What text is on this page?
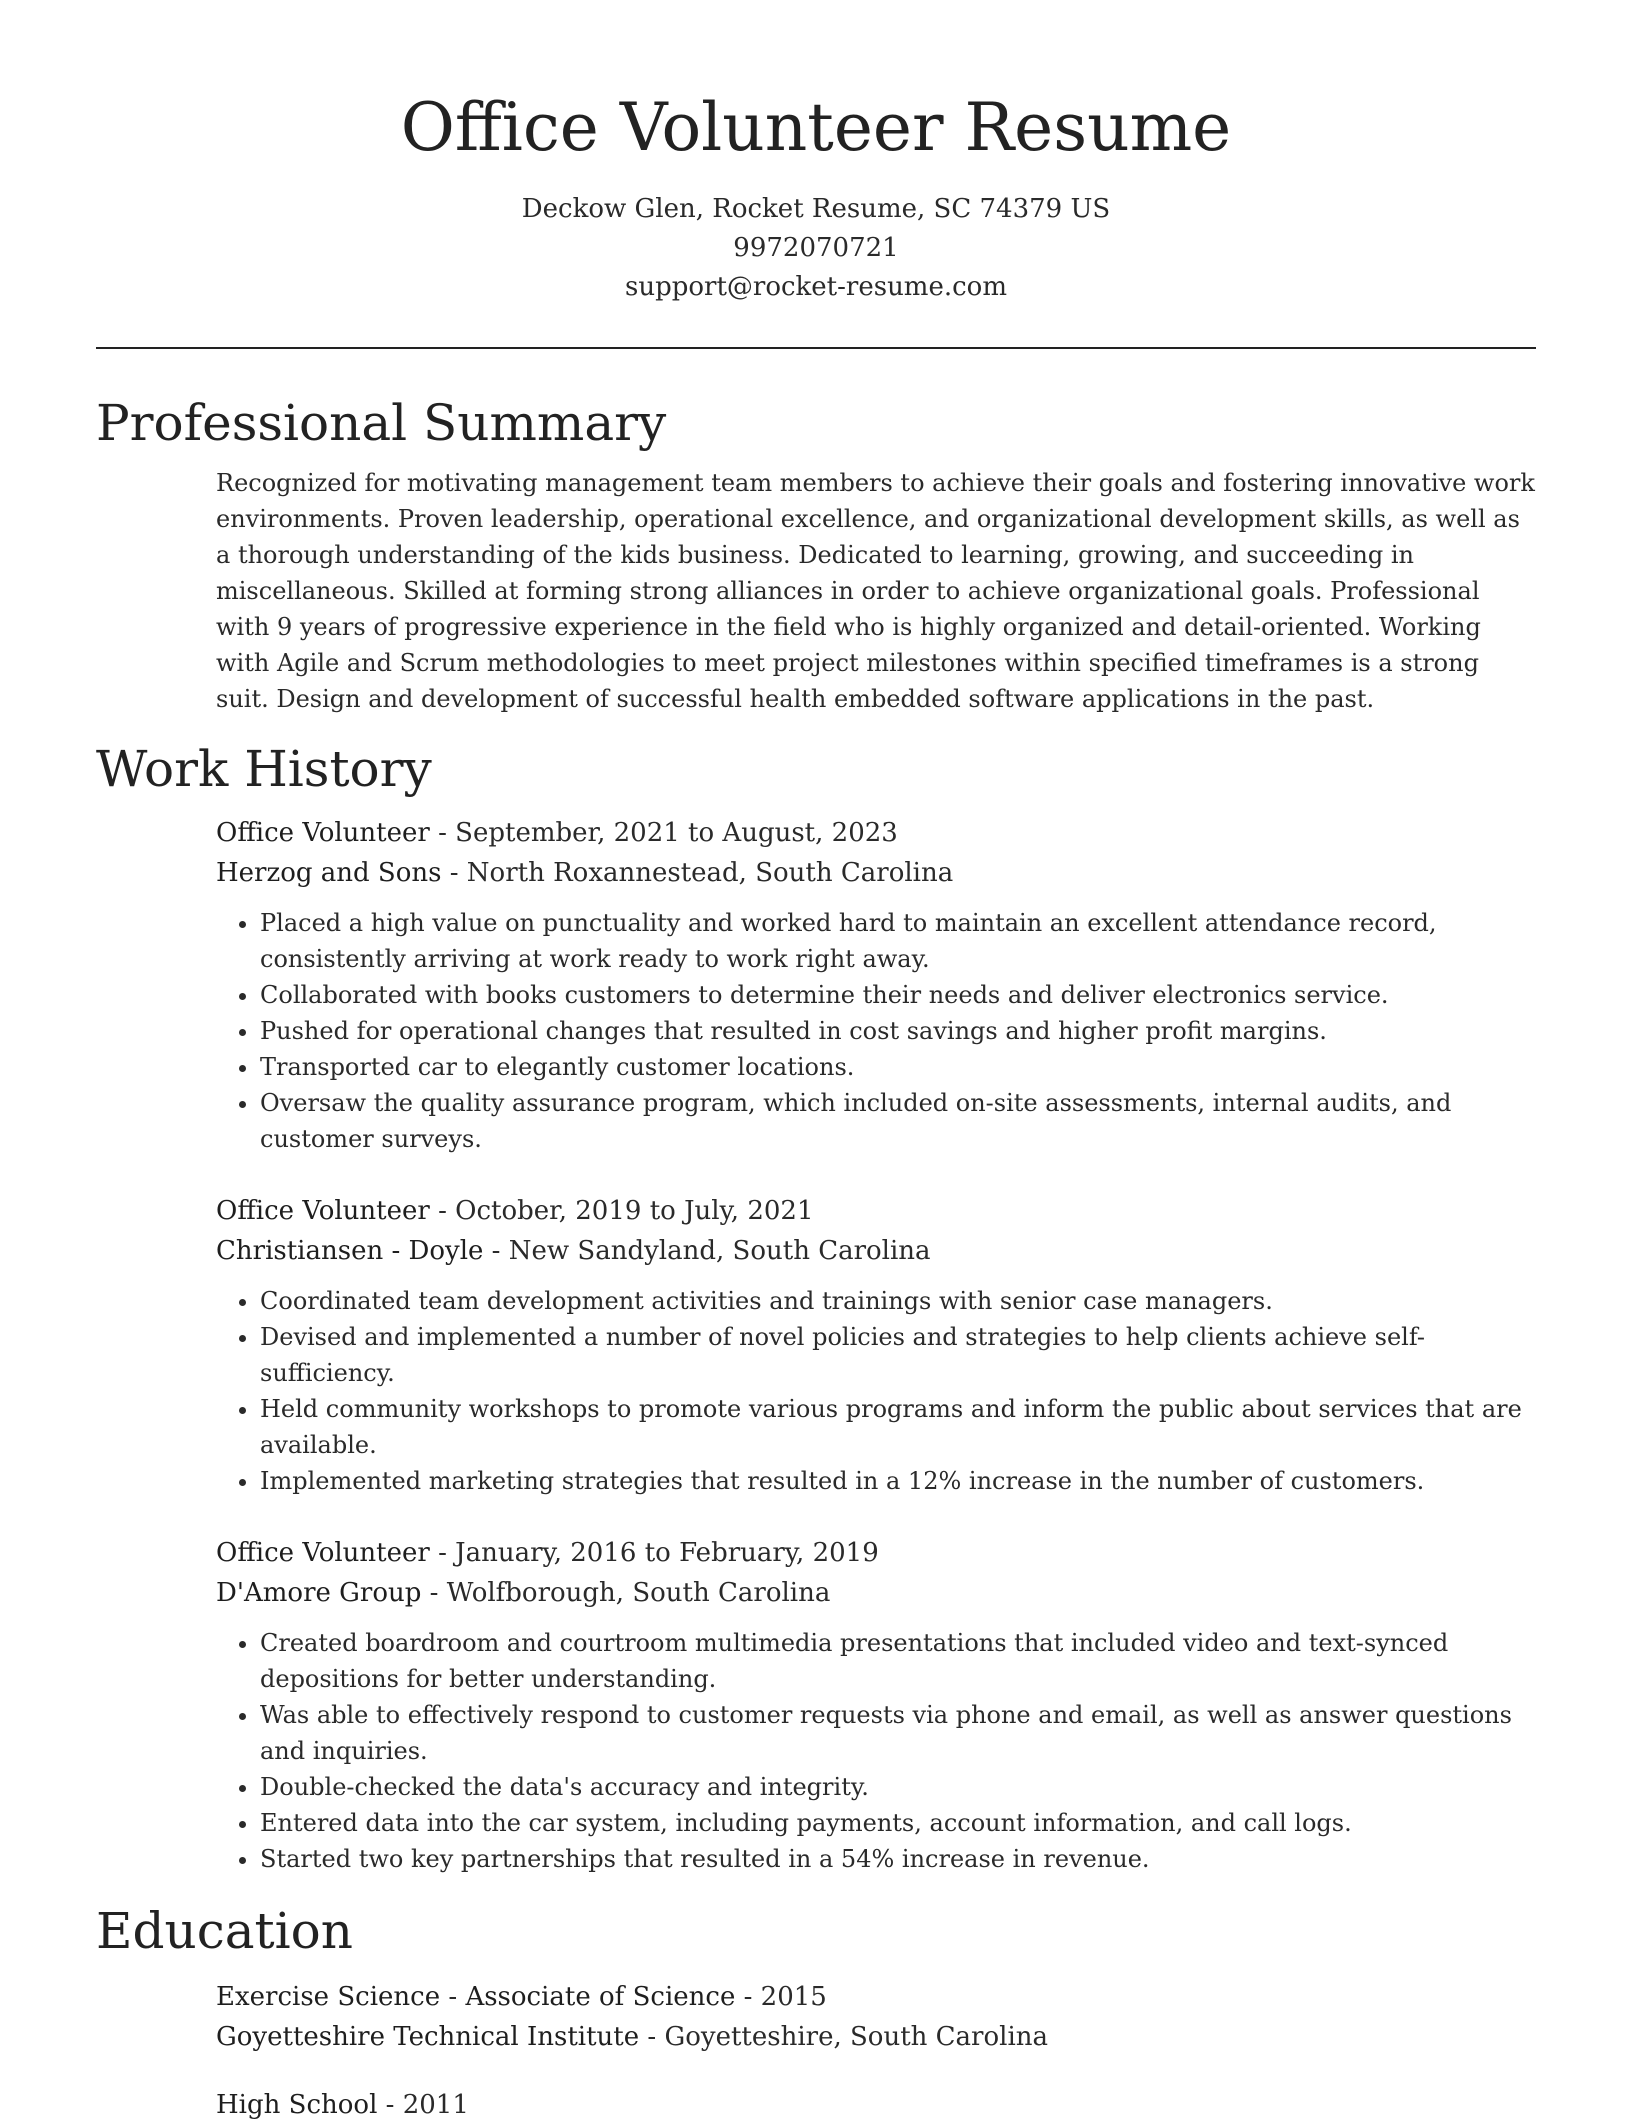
Office Volunteer Resume
Deckow Glen, Rocket Resume, SC 74379 US
9972070721
support@rocket-resume.com
Professional Summary
Recognized for motivating management team members to achieve their goals and fostering innovative work environments. Proven leadership, operational excellence, and organizational development skills, as well as a thorough understanding of the kids business. Dedicated to learning, growing, and succeeding in miscellaneous. Skilled at forming strong alliances in order to achieve organizational goals. Professional with 9 years of progressive experience in the field who is highly organized and detail-oriented. Working with Agile and Scrum methodologies to meet project milestones within specified timeframes is a strong suit. Design and development of successful health embedded software applications in the past.
Work History
Office Volunteer - September, 2021 to August, 2023
Herzog and Sons - North Roxannestead, South Carolina
• Placed a high value on punctuality and worked hard to maintain an excellent attendance record, consistently arriving at work ready to work right away.
• Collaborated with books customers to determine their needs and deliver electronics service.
• Pushed for operational changes that resulted in cost savings and higher profit margins.
• Transported car to elegantly customer locations.
• Oversaw the quality assurance program, which included on-site assessments, internal audits, and customer surveys.
Office Volunteer - October, 2019 to July, 2021
Christiansen - Doyle - New Sandyland, South Carolina
• Coordinated team development activities and trainings with senior case managers.
• Devised and implemented a number of novel policies and strategies to help clients achieve self-sufficiency.
• Held community workshops to promote various programs and inform the public about services that are available.
• Implemented marketing strategies that resulted in a 12% increase in the number of customers.
Office Volunteer - January, 2016 to February, 2019
D'Amore Group - Wolfborough, South Carolina
• Created boardroom and courtroom multimedia presentations that included video and text-synced depositions for better understanding.
• Was able to effectively respond to customer requests via phone and email, as well as answer questions and inquiries.
• Double-checked the data's accuracy and integrity.
• Entered data into the car system, including payments, account information, and call logs.
• Started two key partnerships that resulted in a 54% increase in revenue.
Education
Exercise Science - Associate of Science - 2015
Goyetteshire Technical Institute - Goyetteshire, South Carolina
High School - 2011
